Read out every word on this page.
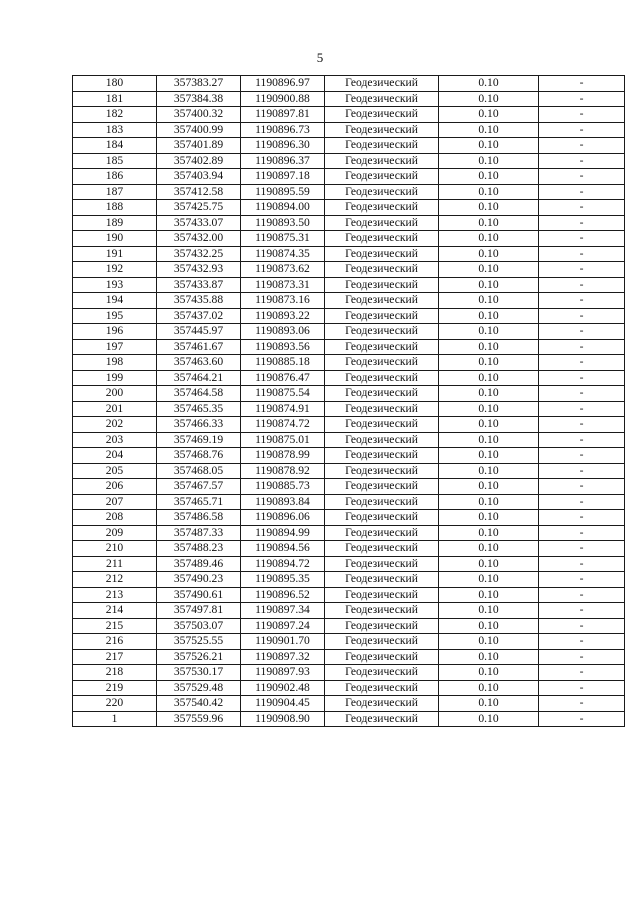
5
180	357383.27	1190896.97	Геодезический	0.10	-
181	357384.38	1190900.88	Геодезический	0.10	-
182	357400.32	1190897.81	Геодезический	0.10	-
183	357400.99	1190896.73	Геодезический	0.10	-
184	357401.89	1190896.30	Геодезический	0.10	-
185	357402.89	1190896.37	Геодезический	0.10	-
186	357403.94	1190897.18	Геодезический	0.10	-
187	357412.58	1190895.59	Геодезический	0.10	-
188	357425.75	1190894.00	Геодезический	0.10	-
189	357433.07	1190893.50	Геодезический	0.10	-
190	357432.00	1190875.31	Геодезический	0.10	-
191	357432.25	1190874.35	Геодезический	0.10	-
192	357432.93	1190873.62	Геодезический	0.10	-
193	357433.87	1190873.31	Геодезический	0.10	-
194	357435.88	1190873.16	Геодезический	0.10	-
195	357437.02	1190893.22	Геодезический	0.10	-
196	357445.97	1190893.06	Геодезический	0.10	-
197	357461.67	1190893.56	Геодезический	0.10	-
198	357463.60	1190885.18	Геодезический	0.10	-
199	357464.21	1190876.47	Геодезический	0.10	-
200	357464.58	1190875.54	Геодезический	0.10	-
201	357465.35	1190874.91	Геодезический	0.10	-
202	357466.33	1190874.72	Геодезический	0.10	-
203	357469.19	1190875.01	Геодезический	0.10	-
204	357468.76	1190878.99	Геодезический	0.10	-
205	357468.05	1190878.92	Геодезический	0.10	-
206	357467.57	1190885.73	Геодезический	0.10	-
207	357465.71	1190893.84	Геодезический	0.10	-
208	357486.58	1190896.06	Геодезический	0.10	-
209	357487.33	1190894.99	Геодезический	0.10	-
210	357488.23	1190894.56	Геодезический	0.10	-
211	357489.46	1190894.72	Геодезический	0.10	-
212	357490.23	1190895.35	Геодезический	0.10	-
213	357490.61	1190896.52	Геодезический	0.10	-
214	357497.81	1190897.34	Геодезический	0.10	-
215	357503.07	1190897.24	Геодезический	0.10	-
216	357525.55	1190901.70	Геодезический	0.10	-
217	357526.21	1190897.32	Геодезический	0.10	-
218	357530.17	1190897.93	Геодезический	0.10	-
219	357529.48	1190902.48	Геодезический	0.10	-
220	357540.42	1190904.45	Геодезический	0.10	-
1	357559.96	1190908.90	Геодезический	0.10	-
